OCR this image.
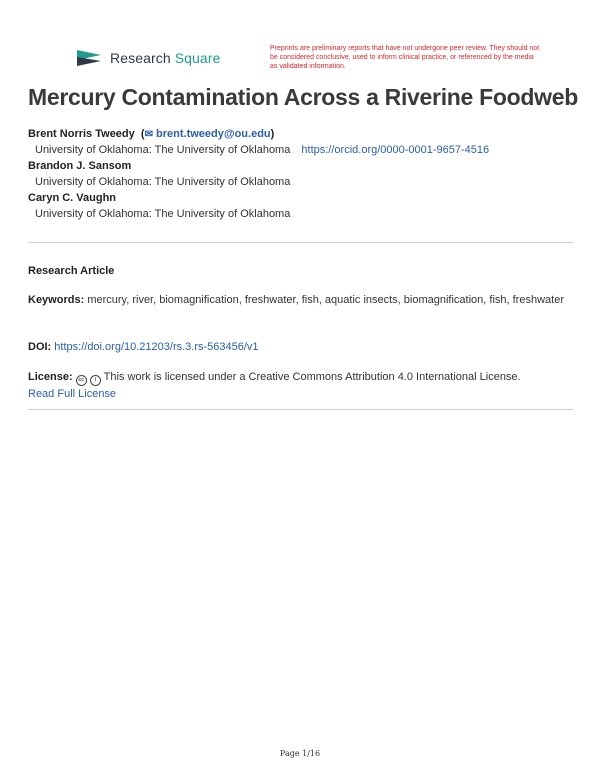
Research Square
Preprints are preliminary reports that have not undergone peer review. They should not be considered conclusive, used to inform clinical practice, or referenced by the media as validated information.
Mercury Contamination Across a Riverine Foodweb
Brent Norris Tweedy  (✉ brent.tweedy@ou.edu)
University of Oklahoma: The University of Oklahoma https://orcid.org/0000-0001-9657-4516
Brandon J. Sansom
University of Oklahoma: The University of Oklahoma
Caryn C. Vaughn
University of Oklahoma: The University of Oklahoma
Research Article
Keywords: mercury, river, biomagnification, freshwater, fish, aquatic insects, biomagnification, fish, freshwater
DOI: https://doi.org/10.21203/rs.3.rs-563456/v1
License: cc i This work is licensed under a Creative Commons Attribution 4.0 International License.
Read Full License
Page 1/16
